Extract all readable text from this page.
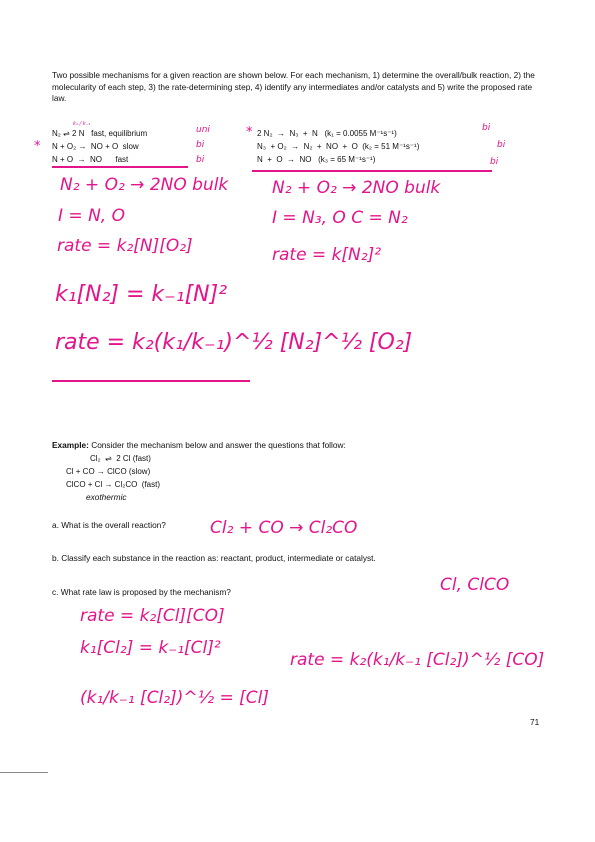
Two possible mechanisms for a given reaction are shown below. For each mechanism, 1) determine the overall/bulk reaction, 2) the molecularity of each step, 3) the rate-determining step, 4) identify any intermediates and/or catalysts and 5) write the proposed rate law.
k₁ / k₋₁
N₂ ⇌ 2 N   fast, equilibrium
* N + O₂ →  NO + O  slow
N + O  →  NO      fast
uni
bi
bi
* 2 N₂  →  N₃  +  N   (k₁ = 0.0055 M⁻¹s⁻¹)
N₃  + O₂  →  N₂  +  NO  +  O  (k₂ = 51 M⁻¹s⁻¹)
N  +  O  →  NO   (k₃ = 65 M⁻¹s⁻¹)
bi
bi
bi
N₂ + O₂ → 2NO bulk
I = N, O
rate = k₂[N][O₂]
k₁[N₂] = k₋₁[N]²
rate = k₂(k₁/k₋₁)^½ [N₂]^½ [O₂]
N₂ + O₂ → 2NO bulk
I = N₃, O C = N₂
rate = k[N₂]²
Example: Consider the mechanism below and answer the questions that follow:
Cl₂  ⇌  2 Cl (fast)
Cl + CO → ClCO (slow)
ClCO + Cl → Cl₂CO  (fast)
exothermic
a. What is the overall reaction?	Cl₂ + CO → Cl₂CO
b. Classify each substance in the reaction as: reactant, product, intermediate or catalyst.
c. What rate law is proposed by the mechanism?	Cl, ClCO
rate = k₂[Cl][CO]
k₁[Cl₂] = k₋₁[Cl]²
(k₁/k₋₁ [Cl₂])^½ = [Cl]
rate = k₂(k₁/k₋₁ [Cl₂])^½ [CO]
71
